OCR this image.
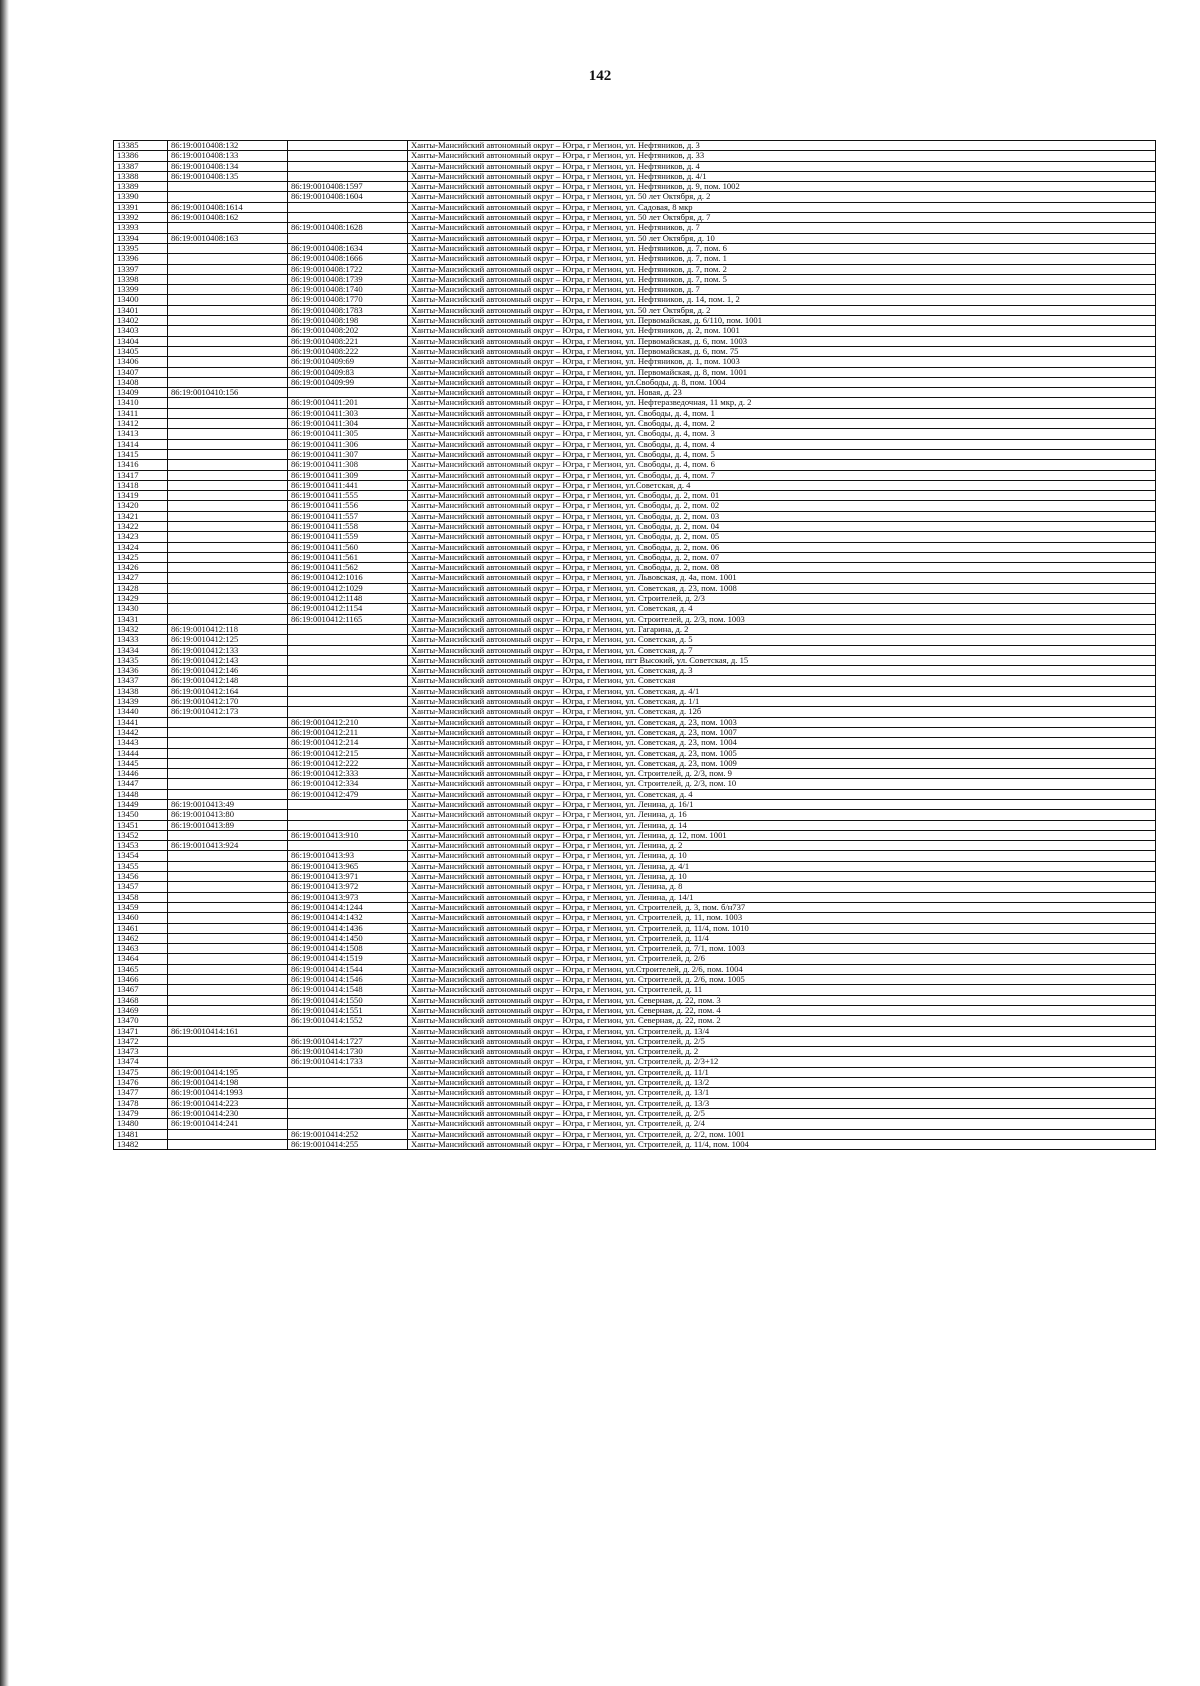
142
13385	86:19:0010408:132		Ханты-Мансийский автономный округ – Югра, г Мегион, ул. Нефтяников, д. 3
13386	86:19:0010408:133		Ханты-Мансийский автономный округ – Югра, г Мегион, ул. Нефтяников, д. 33
13387	86:19:0010408:134		Ханты-Мансийский автономный округ – Югра, г Мегион, ул. Нефтяников, д. 4
13388	86:19:0010408:135		Ханты-Мансийский автономный округ – Югра, г Мегион, ул. Нефтяников, д. 4/1
13389		86:19:0010408:1597	Ханты-Мансийский автономный округ – Югра, г Мегион, ул. Нефтяников, д. 9, пом. 1002
13390		86:19:0010408:1604	Ханты-Мансийский автономный округ – Югра, г Мегион, ул. 50 лет Октября, д. 2
13391	86:19:0010408:1614		Ханты-Мансийский автономный округ – Югра, г Мегион, ул. Садовая, 8 мкр
13392	86:19:0010408:162		Ханты-Мансийский автономный округ – Югра, г Мегион, ул. 50 лет Октября, д. 7
13393		86:19:0010408:1628	Ханты-Мансийский автономный округ – Югра, г Мегион, ул. Нефтяников, д. 7
13394	86:19:0010408:163		Ханты-Мансийский автономный округ – Югра, г Мегион, ул. 50 лет Октября, д. 10
13395		86:19:0010408:1634	Ханты-Мансийский автономный округ – Югра, г Мегион, ул. Нефтяников, д. 7, пом. 6
13396		86:19:0010408:1666	Ханты-Мансийский автономный округ – Югра, г Мегион, ул. Нефтяников, д. 7, пом. 1
13397		86:19:0010408:1722	Ханты-Мансийский автономный округ – Югра, г Мегион, ул. Нефтяников, д. 7, пом. 2
13398		86:19:0010408:1739	Ханты-Мансийский автономный округ – Югра, г Мегион, ул. Нефтяников, д. 7, пом. 5
13399		86:19:0010408:1740	Ханты-Мансийский автономный округ – Югра, г Мегион, ул. Нефтяников, д. 7
13400		86:19:0010408:1770	Ханты-Мансийский автономный округ – Югра, г Мегион, ул. Нефтяников, д. 14, пом. 1, 2
13401		86:19:0010408:1783	Ханты-Мансийский автономный округ – Югра, г Мегион, ул. 50 лет Октября, д. 2
13402		86:19:0010408:198	Ханты-Мансийский автономный округ – Югра, г Мегион, ул. Первомайская, д. 6/110, пом. 1001
13403		86:19:0010408:202	Ханты-Мансийский автономный округ – Югра, г Мегион, ул. Нефтяников, д. 2, пом. 1001
13404		86:19:0010408:221	Ханты-Мансийский автономный округ – Югра, г Мегион, ул. Первомайская, д. 6, пом. 1003
13405		86:19:0010408:222	Ханты-Мансийский автономный округ – Югра, г Мегион, ул. Первомайская, д. 6, пом. 75
13406		86:19:0010409:69	Ханты-Мансийский автономный округ – Югра, г Мегион, ул. Нефтяников, д. 1, пом. 1003
13407		86:19:0010409:83	Ханты-Мансийский автономный округ – Югра, г Мегион, ул. Первомайская, д. 8, пом. 1001
13408		86:19:0010409:99	Ханты-Мансийский автономный округ – Югра, г Мегион, ул.Свободы, д. 8, пом. 1004
13409	86:19:0010410:156		Ханты-Мансийский автономный округ – Югра, г Мегион, ул. Новая, д. 23
13410		86:19:0010411:201	Ханты-Мансийский автономный округ – Югра, г Мегион, ул. Нефтеразведочная, 11 мкр, д. 2
13411		86:19:0010411:303	Ханты-Мансийский автономный округ – Югра, г Мегион, ул. Свободы, д. 4, пом. 1
13412		86:19:0010411:304	Ханты-Мансийский автономный округ – Югра, г Мегион, ул. Свободы, д. 4, пом. 2
13413		86:19:0010411:305	Ханты-Мансийский автономный округ – Югра, г Мегион, ул. Свободы, д. 4, пом. 3
13414		86:19:0010411:306	Ханты-Мансийский автономный округ – Югра, г Мегион, ул. Свободы, д. 4, пом. 4
13415		86:19:0010411:307	Ханты-Мансийский автономный округ – Югра, г Мегион, ул. Свободы, д. 4, пом. 5
13416		86:19:0010411:308	Ханты-Мансийский автономный округ – Югра, г Мегион, ул. Свободы, д. 4, пом. 6
13417		86:19:0010411:309	Ханты-Мансийский автономный округ – Югра, г Мегион, ул. Свободы, д. 4, пом. 7
13418		86:19:0010411:441	Ханты-Мансийский автономный округ – Югра, г Мегион, ул.Советская, д. 4
13419		86:19:0010411:555	Ханты-Мансийский автономный округ – Югра, г Мегион, ул. Свободы, д. 2, пом. 01
13420		86:19:0010411:556	Ханты-Мансийский автономный округ – Югра, г Мегион, ул. Свободы, д. 2, пом. 02
13421		86:19:0010411:557	Ханты-Мансийский автономный округ – Югра, г Мегион, ул. Свободы, д. 2, пом. 03
13422		86:19:0010411:558	Ханты-Мансийский автономный округ – Югра, г Мегион, ул. Свободы, д. 2, пом. 04
13423		86:19:0010411:559	Ханты-Мансийский автономный округ – Югра, г Мегион, ул. Свободы, д. 2, пом. 05
13424		86:19:0010411:560	Ханты-Мансийский автономный округ – Югра, г Мегион, ул. Свободы, д. 2, пом. 06
13425		86:19:0010411:561	Ханты-Мансийский автономный округ – Югра, г Мегион, ул. Свободы, д. 2, пом. 07
13426		86:19:0010411:562	Ханты-Мансийский автономный округ – Югра, г Мегион, ул. Свободы, д. 2, пом. 08
13427		86:19:0010412:1016	Ханты-Мансийский автономный округ – Югра, г Мегион, ул. Львовская, д. 4а, пом. 1001
13428		86:19:0010412:1029	Ханты-Мансийский автономный округ – Югра, г Мегион, ул. Советская, д. 23, пом. 1008
13429		86:19:0010412:1148	Ханты-Мансийский автономный округ – Югра, г Мегион, ул. Строителей, д. 2/3
13430		86:19:0010412:1154	Ханты-Мансийский автономный округ – Югра, г Мегион, ул. Советская, д. 4
13431		86:19:0010412:1165	Ханты-Мансийский автономный округ – Югра, г Мегион, ул. Строителей, д. 2/3, пом. 1003
13432	86:19:0010412:118		Ханты-Мансийский автономный округ – Югра, г Мегион, ул. Гагарина, д. 2
13433	86:19:0010412:125		Ханты-Мансийский автономный округ – Югра, г Мегион, ул. Советская, д. 5
13434	86:19:0010412:133		Ханты-Мансийский автономный округ – Югра, г Мегион, ул. Советская, д. 7
13435	86:19:0010412:143		Ханты-Мансийский автономный округ – Югра, г Мегион, пгт Высокий, ул. Советская, д. 15
13436	86:19:0010412:146		Ханты-Мансийский автономный округ – Югра, г Мегион, ул. Советская, д. 3
13437	86:19:0010412:148		Ханты-Мансийский автономный округ – Югра, г Мегион, ул. Советская
13438	86:19:0010412:164		Ханты-Мансийский автономный округ – Югра, г Мегион, ул. Советская, д. 4/1
13439	86:19:0010412:170		Ханты-Мансийский автономный округ – Югра, г Мегион, ул. Советская, д. 1/1
13440	86:19:0010412:173		Ханты-Мансийский автономный округ – Югра, г Мегион, ул. Советская, д. 12б
13441		86:19:0010412:210	Ханты-Мансийский автономный округ – Югра, г Мегион, ул. Советская, д. 23, пом. 1003
13442		86:19:0010412:211	Ханты-Мансийский автономный округ – Югра, г Мегион, ул. Советская, д. 23, пом. 1007
13443		86:19:0010412:214	Ханты-Мансийский автономный округ – Югра, г Мегион, ул. Советская, д. 23, пом. 1004
13444		86:19:0010412:215	Ханты-Мансийский автономный округ – Югра, г Мегион, ул. Советская, д. 23, пом. 1005
13445		86:19:0010412:222	Ханты-Мансийский автономный округ – Югра, г Мегион, ул. Советская, д. 23, пом. 1009
13446		86:19:0010412:333	Ханты-Мансийский автономный округ – Югра, г Мегион, ул. Строителей, д. 2/3, пом. 9
13447		86:19:0010412:334	Ханты-Мансийский автономный округ – Югра, г Мегион, ул. Строителей, д. 2/3, пом. 10
13448		86:19:0010412:479	Ханты-Мансийский автономный округ – Югра, г Мегион, ул. Советская, д. 4
13449	86:19:0010413:49		Ханты-Мансийский автономный округ – Югра, г Мегион, ул. Ленина, д. 16/1
13450	86:19:0010413:80		Ханты-Мансийский автономный округ – Югра, г Мегион, ул. Ленина, д. 16
13451	86:19:0010413:89		Ханты-Мансийский автономный округ – Югра, г Мегион, ул. Ленина, д. 14
13452		86:19:0010413:910	Ханты-Мансийский автономный округ – Югра, г Мегион, ул. Ленина, д. 12, пом. 1001
13453	86:19:0010413:924		Ханты-Мансийский автономный округ – Югра, г Мегион, ул. Ленина, д. 2
13454		86:19:0010413:93	Ханты-Мансийский автономный округ – Югра, г Мегион, ул. Ленина, д. 10
13455		86:19:0010413:965	Ханты-Мансийский автономный округ – Югра, г Мегион, ул. Ленина, д. 4/1
13456		86:19:0010413:971	Ханты-Мансийский автономный округ – Югра, г Мегион, ул. Ленина, д. 10
13457		86:19:0010413:972	Ханты-Мансийский автономный округ – Югра, г Мегион, ул. Ленина, д. 8
13458		86:19:0010413:973	Ханты-Мансийский автономный округ – Югра, г Мегион, ул. Ленина, д. 14/1
13459		86:19:0010414:1244	Ханты-Мансийский автономный округ – Югра, г Мегион, ул. Строителей, д. 3, пом. б/н737
13460		86:19:0010414:1432	Ханты-Мансийский автономный округ – Югра, г Мегион, ул. Строителей, д. 11, пом. 1003
13461		86:19:0010414:1436	Ханты-Мансийский автономный округ – Югра, г Мегион, ул. Строителей, д. 11/4, пом. 1010
13462		86:19:0010414:1450	Ханты-Мансийский автономный округ – Югра, г Мегион, ул. Строителей, д. 11/4
13463		86:19:0010414:1508	Ханты-Мансийский автономный округ – Югра, г Мегион, ул. Строителей, д. 7/1, пом. 1003
13464		86:19:0010414:1519	Ханты-Мансийский автономный округ – Югра, г Мегион, ул. Строителей, д. 2/6
13465		86:19:0010414:1544	Ханты-Мансийский автономный округ – Югра, г Мегион, ул.Строителей, д. 2/6, пом. 1004
13466		86:19:0010414:1546	Ханты-Мансийский автономный округ – Югра, г Мегион, ул. Строителей, д. 2/6, пом. 1005
13467		86:19:0010414:1548	Ханты-Мансийский автономный округ – Югра, г Мегион, ул. Строителей, д. 11
13468		86:19:0010414:1550	Ханты-Мансийский автономный округ – Югра, г Мегион, ул. Северная, д. 22, пом. 3
13469		86:19:0010414:1551	Ханты-Мансийский автономный округ – Югра, г Мегион, ул. Северная, д. 22, пом. 4
13470		86:19:0010414:1552	Ханты-Мансийский автономный округ – Югра, г Мегион, ул. Северная, д. 22, пом. 2
13471	86:19:0010414:161		Ханты-Мансийский автономный округ – Югра, г Мегион, ул. Строителей, д. 13/4
13472		86:19:0010414:1727	Ханты-Мансийский автономный округ – Югра, г Мегион, ул. Строителей, д. 2/5
13473		86:19:0010414:1730	Ханты-Мансийский автономный округ – Югра, г Мегион, ул. Строителей, д. 2
13474		86:19:0010414:1733	Ханты-Мансийский автономный округ – Югра, г Мегион, ул. Строителей, д. 2/3+12
13475	86:19:0010414:195		Ханты-Мансийский автономный округ – Югра, г Мегион, ул. Строителей, д. 11/1
13476	86:19:0010414:198		Ханты-Мансийский автономный округ – Югра, г Мегион, ул. Строителей, д. 13/2
13477	86:19:0010414:1993		Ханты-Мансийский автономный округ – Югра, г Мегион, ул. Строителей, д. 13/1
13478	86:19:0010414:223		Ханты-Мансийский автономный округ – Югра, г Мегион, ул. Строителей, д. 13/3
13479	86:19:0010414:230		Ханты-Мансийский автономный округ – Югра, г Мегион, ул. Строителей, д. 2/5
13480	86:19:0010414:241		Ханты-Мансийский автономный округ – Югра, г Мегион, ул. Строителей, д. 2/4
13481		86:19:0010414:252	Ханты-Мансийский автономный округ – Югра, г Мегион, ул. Строителей, д. 2/2, пом. 1001
13482		86:19:0010414:255	Ханты-Мансийский автономный округ – Югра, г Мегион, ул. Строителей, д. 11/4, пом. 1004
